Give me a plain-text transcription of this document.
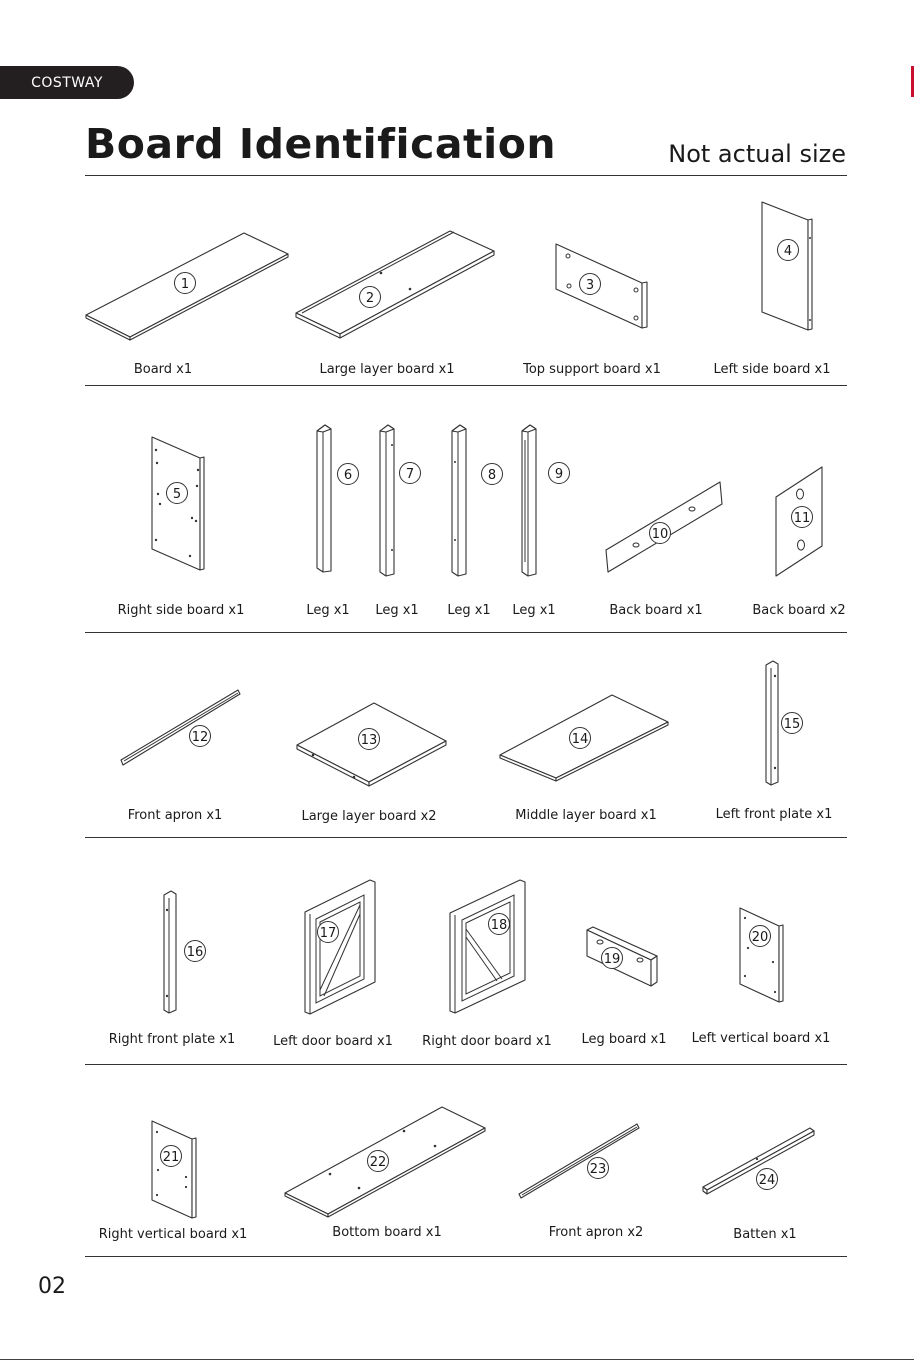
COSTWAY
Board Identification	Not actual size
1
2
3
4
5
6	7	8	9
10
11
12	13	14
15
16
17
18
19
20
21	22	23
24
Board x1	Large layer board x1	Top support board x1	Left side board x1
Right side board x1	Leg x1 Leg x1 Leg x1 Leg x1	Back board x1	Back board x2
Front apron x1	Large layer board x2	Middle layer board x1	Left front plate x1
Right front plate x1	Left door board x1 Right door board x1 Leg board x1 Left vertical board x1
Right vertical board x1	Bottom board x1	Front apron x2	Batten x1
02
